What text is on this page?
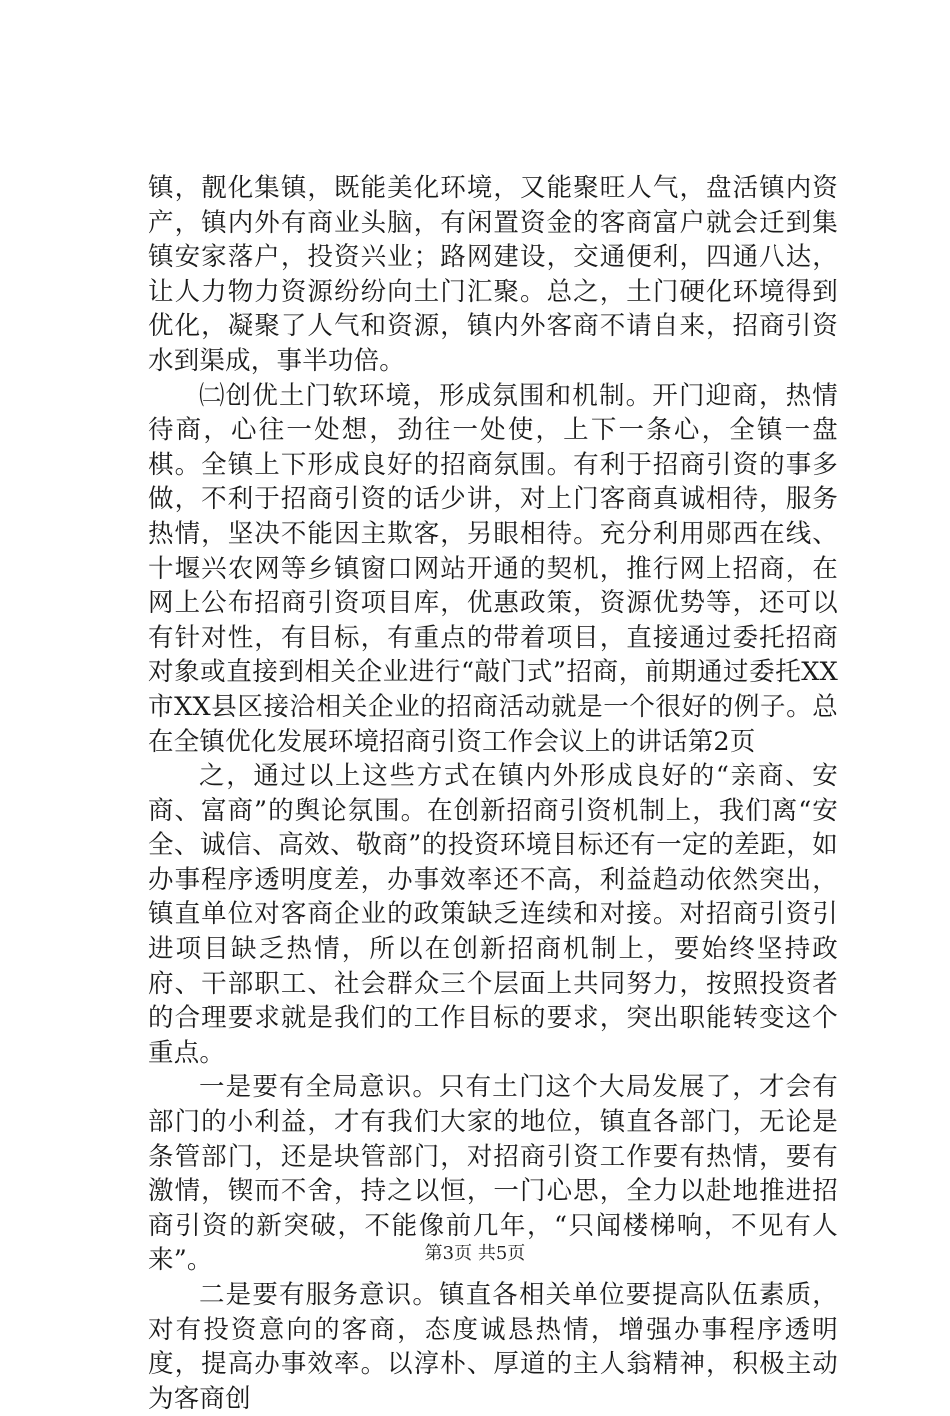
镇，靓化集镇，既能美化环境，又能聚旺人气，盘活镇内资产，镇内外有商业头脑，有闲置资金的客商富户就会迁到集镇安家落户，投资兴业；路网建设，交通便利，四通八达，让人力物力资源纷纷向土门汇聚。总之，土门硬化环境得到优化，凝聚了人气和资源，镇内外客商不请自来，招商引资水到渠成，事半功倍。

㈡创优土门软环境，形成氛围和机制。开门迎商，热情待商，心往一处想，劲往一处使，上下一条心，全镇一盘棋。全镇上下形成良好的招商氛围。有利于招商引资的事多做，不利于招商引资的话少讲，对上门客商真诚相待，服务热情，坚决不能因主欺客，另眼相待。充分利用郧西在线、十堰兴农网等乡镇窗口网站开通的契机，推行网上招商，在网上公布招商引资项目库，优惠政策，资源优势等，还可以有针对性，有目标，有重点的带着项目，直接通过委托招商对象或直接到相关企业进行“敲门式”招商，前期通过委托XX市XX县区接洽相关企业的招商活动就是一个很好的例子。总在全镇优化发展环境招商引资工作会议上的讲话第2页

之，通过以上这些方式在镇内外形成良好的“亲商、安商、富商”的舆论氛围。在创新招商引资机制上，我们离“安全、诚信、高效、敬商”的投资环境目标还有一定的差距，如办事程序透明度差，办事效率还不高，利益趋动依然突出，镇直单位对客商企业的政策缺乏连续和对接。对招商引资引进项目缺乏热情，所以在创新招商机制上，要始终坚持政府、干部职工、社会群众三个层面上共同努力，按照投资者的合理要求就是我们的工作目标的要求，突出职能转变这个重点。

一是要有全局意识。只有土门这个大局发展了，才会有部门的小利益，才有我们大家的地位，镇直各部门，无论是条管部门，还是块管部门，对招商引资工作要有热情，要有激情，锲而不舍，持之以恒，一门心思，全力以赴地推进招商引资的新突破，不能像前几年，“只闻楼梯响，不见有人来”。

二是要有服务意识。镇直各相关单位要提高队伍素质，对有投资意向的客商，态度诚恳热情，增强办事程序透明度，提高办事效率。以淳朴、厚道的主人翁精神，积极主动为客商创

第3页 共5页
